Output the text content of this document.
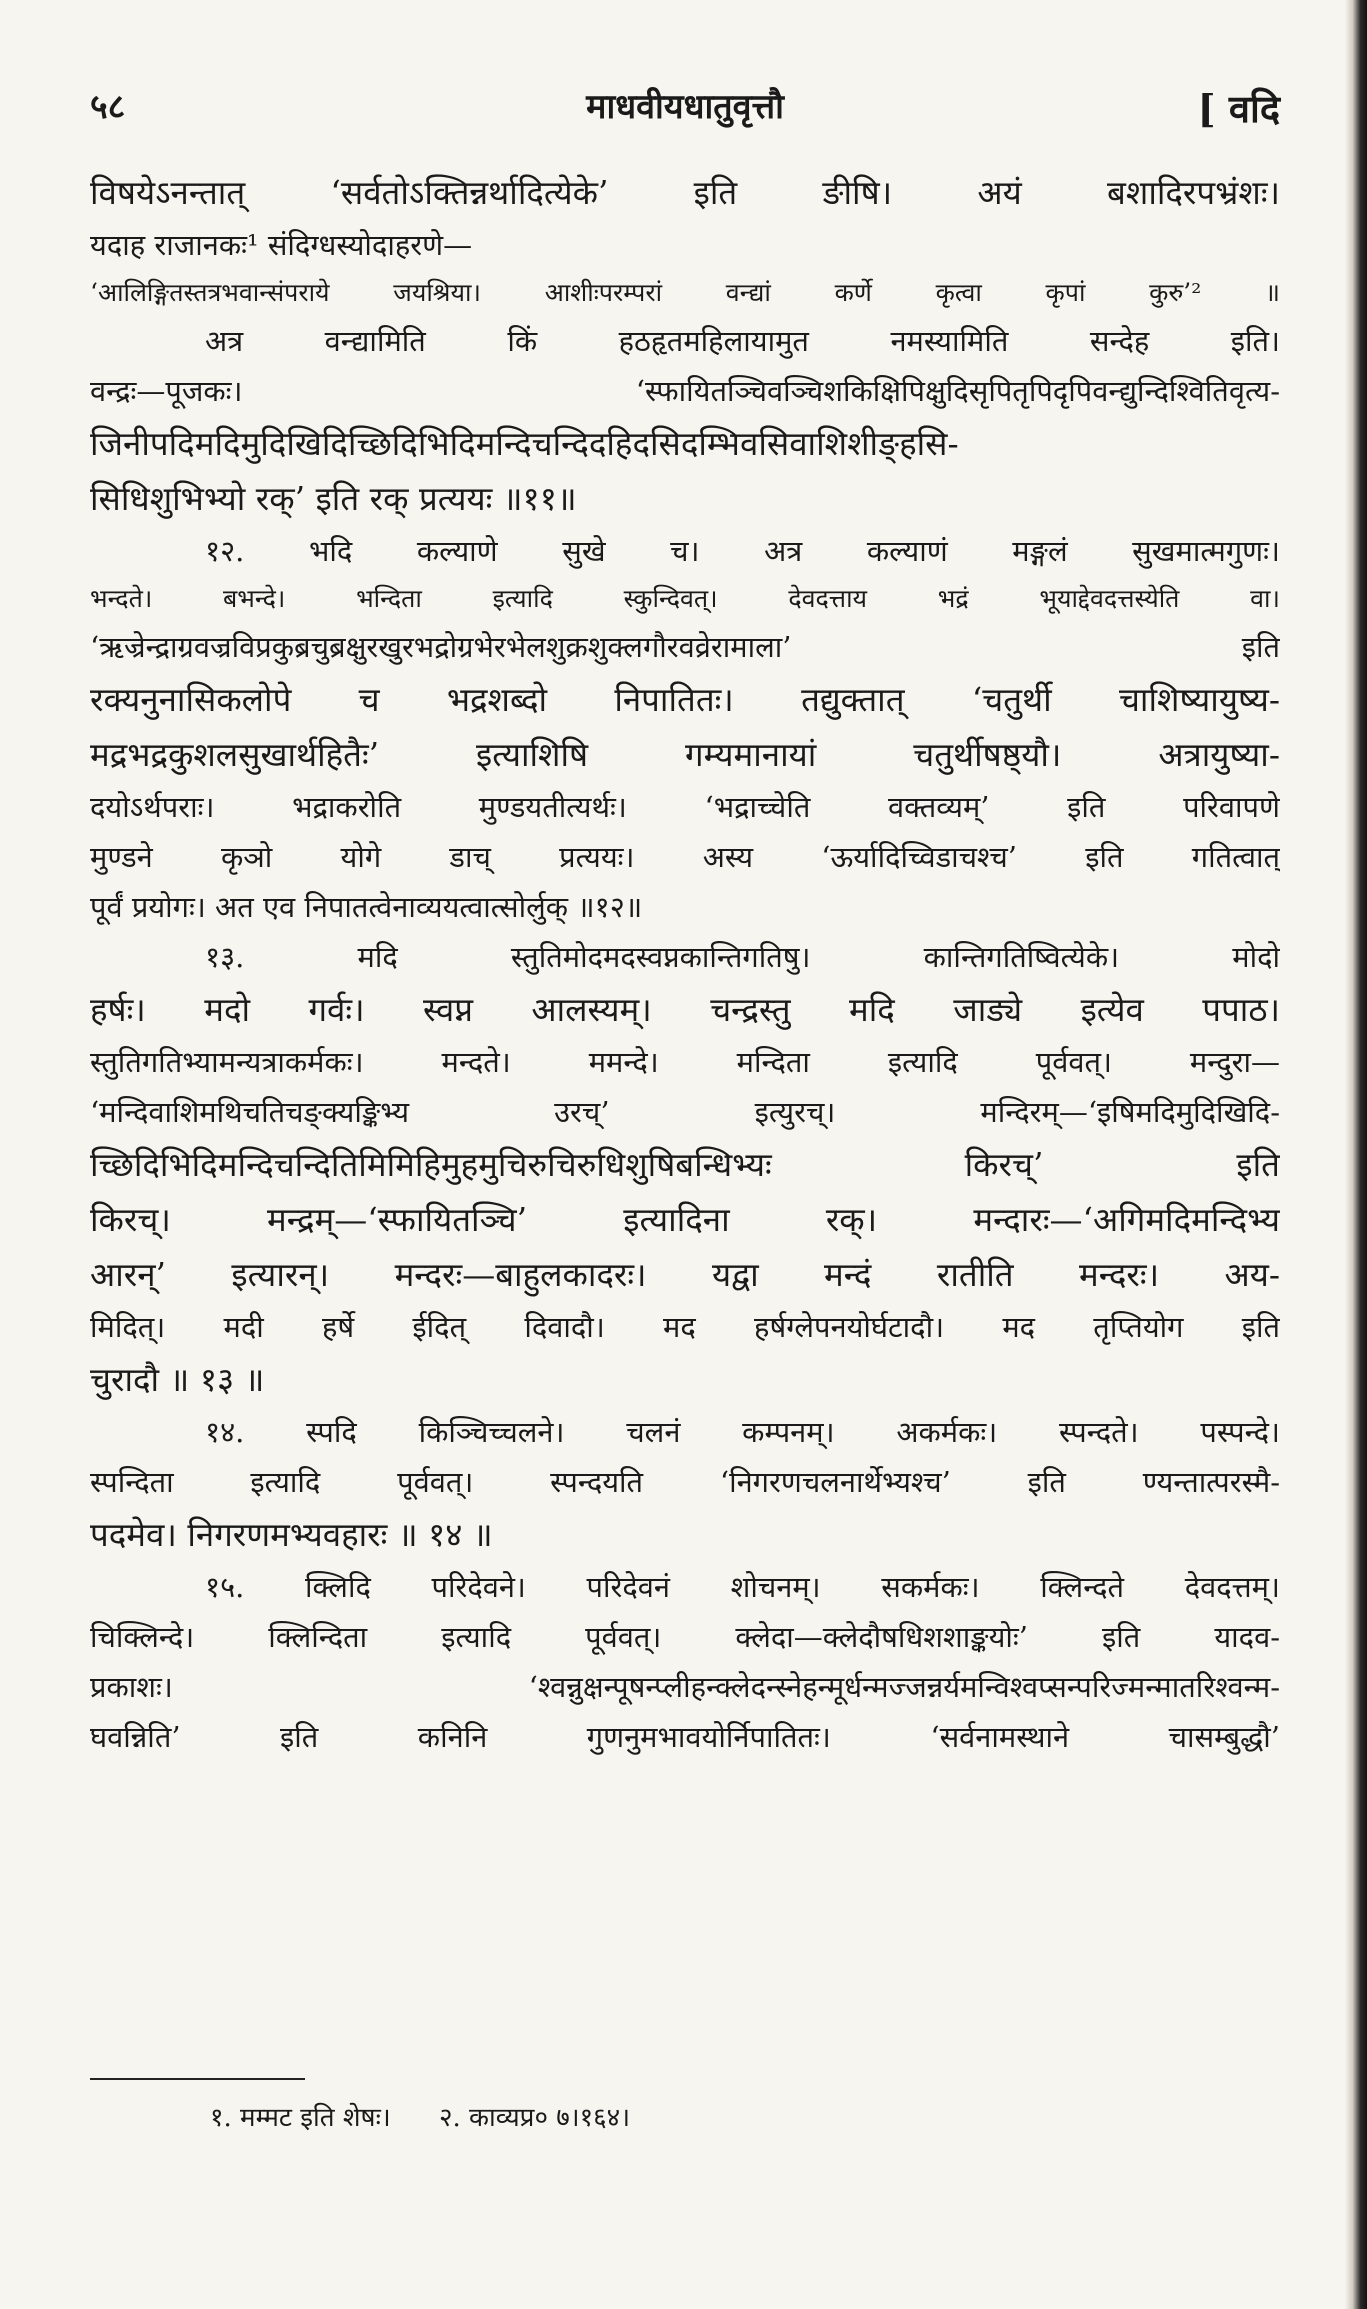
५८	माधवीयधातुवृत्तौ	[ वदि
विषयेऽनन्तात् ‘सर्वतोऽक्तिन्नर्थादित्येके’ इति ङीषि। अयं बशादिरपभ्रंशः।
यदाह राजानकः¹ संदिग्धस्योदाहरणे—
‘आलिङ्गितस्तत्रभवान्संपराये जयश्रिया। आशीःपरम्परां वन्द्यां कर्णे कृत्वा कृपां कुरु’² ॥
अत्र वन्द्यामिति किं हठहृतमहिलायामुत नमस्यामिति सन्देह इति।
वन्द्रः—पूजकः। ‘स्फायितञ्चिवञ्चिशकिक्षिपिक्षुदिसृपितृपिदृपिवन्द्युन्दिश्वितिवृत्य-
जिनीपदिमदिमुदिखिदिच्छिदिभिदिमन्दिचन्दिदहिदसिदम्भिवसिवाशिशीङ्हसि-
सिधिशुभिभ्यो रक्’ इति रक् प्रत्ययः ॥११॥
१२. भदि कल्याणे सुखे च। अत्र कल्याणं मङ्गलं सुखमात्मगुणः।
भन्दते। बभन्दे। भन्दिता इत्यादि स्कुन्दिवत्। देवदत्ताय भद्रं भूयाद्देवदत्तस्येति वा।
‘ऋज्रेन्द्राग्रवज्रविप्रकुब्रचुब्रक्षुरखुरभद्रोग्रभेरभेलशुक्रशुक्लगौरवव्रेरामाला’ इति
रक्यनुनासिकलोपे च भद्रशब्दो निपातितः। तद्युक्तात् ‘चतुर्थी चाशिष्यायुष्य-
मद्रभद्रकुशलसुखार्थहितैः’ इत्याशिषि गम्यमानायां चतुर्थीषष्ठ्यौ। अत्रायुष्या-
दयोऽर्थपराः। भद्राकरोति मुण्डयतीत्यर्थः। ‘भद्राच्चेति वक्तव्यम्’ इति परिवापणे
मुण्डने कृञो योगे डाच् प्रत्ययः। अस्य ‘ऊर्यादिच्विडाचश्च’ इति गतित्वात्
पूर्वं प्रयोगः। अत एव निपातत्वेनाव्ययत्वात्सोर्लुक् ॥१२॥
१३. मदि स्तुतिमोदमदस्वप्नकान्तिगतिषु। कान्तिगतिष्वित्येके। मोदो
हर्षः। मदो गर्वः। स्वप्न आलस्यम्। चन्द्रस्तु मदि जाड्ये इत्येव पपाठ।
स्तुतिगतिभ्यामन्यत्राकर्मकः। मन्दते। ममन्दे। मन्दिता इत्यादि पूर्ववत्। मन्दुरा—
‘मन्दिवाशिमथिचतिचङ्क्यङ्किभ्य उरच्’ इत्युरच्। मन्दिरम्—‘इषिमदिमुदिखिदि-
च्छिदिभिदिमन्दिचन्दितिमिमिहिमुहमुचिरुचिरुधिशुषिबन्धिभ्यः किरच्’ इति
किरच्। मन्द्रम्—‘स्फायितञ्चि’ इत्यादिना रक्। मन्दारः—‘अगिमदिमन्दिभ्य
आरन्’ इत्यारन्। मन्दरः—बाहुलकादरः। यद्वा मन्दं रातीति मन्दरः। अय-
मिदित्। मदी हर्षे ईदित् दिवादौ। मद हर्षग्लेपनयोर्घटादौ। मद तृप्तियोग इति
चुरादौ ॥ १३ ॥
१४. स्पदि किञ्चिच्चलने। चलनं कम्पनम्। अकर्मकः। स्पन्दते। पस्पन्दे।
स्पन्दिता इत्यादि पूर्ववत्। स्पन्दयति ‘निगरणचलनार्थेभ्यश्च’ इति ण्यन्तात्परस्मै-
पदमेव। निगरणमभ्यवहारः ॥ १४ ॥
१५. क्लिदि परिदेवने। परिदेवनं शोचनम्। सकर्मकः। क्लिन्दते देवदत्तम्।
चिक्लिन्दे। क्लिन्दिता इत्यादि पूर्ववत्। क्लेदा—क्लेदौषधिशशाङ्कयोः’ इति यादव-
प्रकाशः। ‘श्वन्नुक्षन्पूषन्प्लीहन्क्लेदन्स्नेहन्मूर्धन्मज्जन्नर्यमन्विश्वप्सन्परिज्मन्मातरिश्वन्म-
घवन्निति’ इति कनिनि गुणनुमभावयोर्निपातितः। ‘सर्वनामस्थाने चासम्बुद्धौ’
१. मम्मट इति शेषः। २. काव्यप्र० ७।१६४।
